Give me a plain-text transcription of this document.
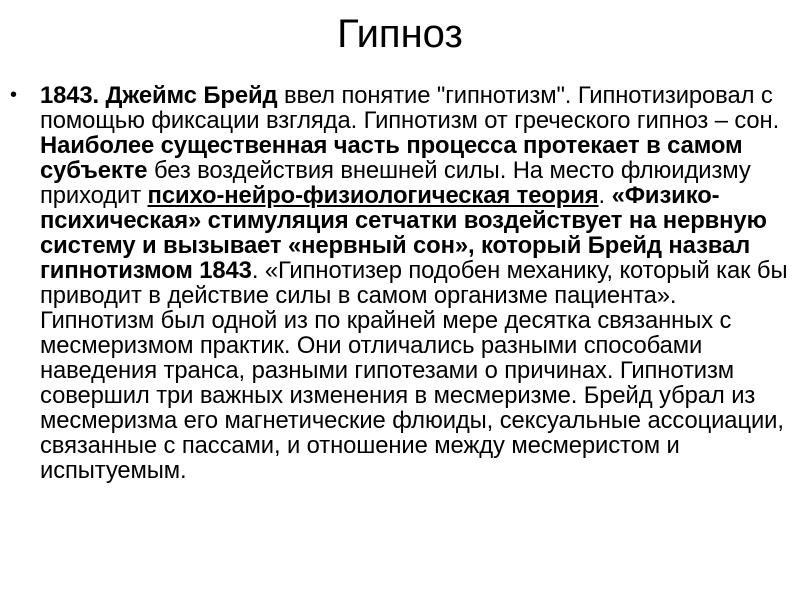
Гипноз
• 1843. Джеймс Брейд ввел понятие "гипнотизм". Гипнотизировал с помощью фиксации взгляда. Гипнотизм от греческого гипноз – сон. Наиболее существенная часть процесса протекает в самом субъекте без воздействия внешней силы. На место флюидизму приходит психо-нейро-физиологическая теория. «Физико-психическая» стимуляция сетчатки воздействует на нервную систему и вызывает «нервный сон», который Брейд назвал гипнотизмом 1843. «Гипнотизер подобен механику, который как бы приводит в действие силы в самом организме пациента». Гипнотизм был одной из по крайней мере десятка связанных с месмеризмом практик. Они отличались разными способами наведения транса, разными гипотезами о причинах. Гипнотизм совершил три важных изменения в месмеризме. Брейд убрал из месмеризма его магнетические флюиды, сексуальные ассоциации, связанные с пассами, и отношение между месмеристом и испытуемым.
